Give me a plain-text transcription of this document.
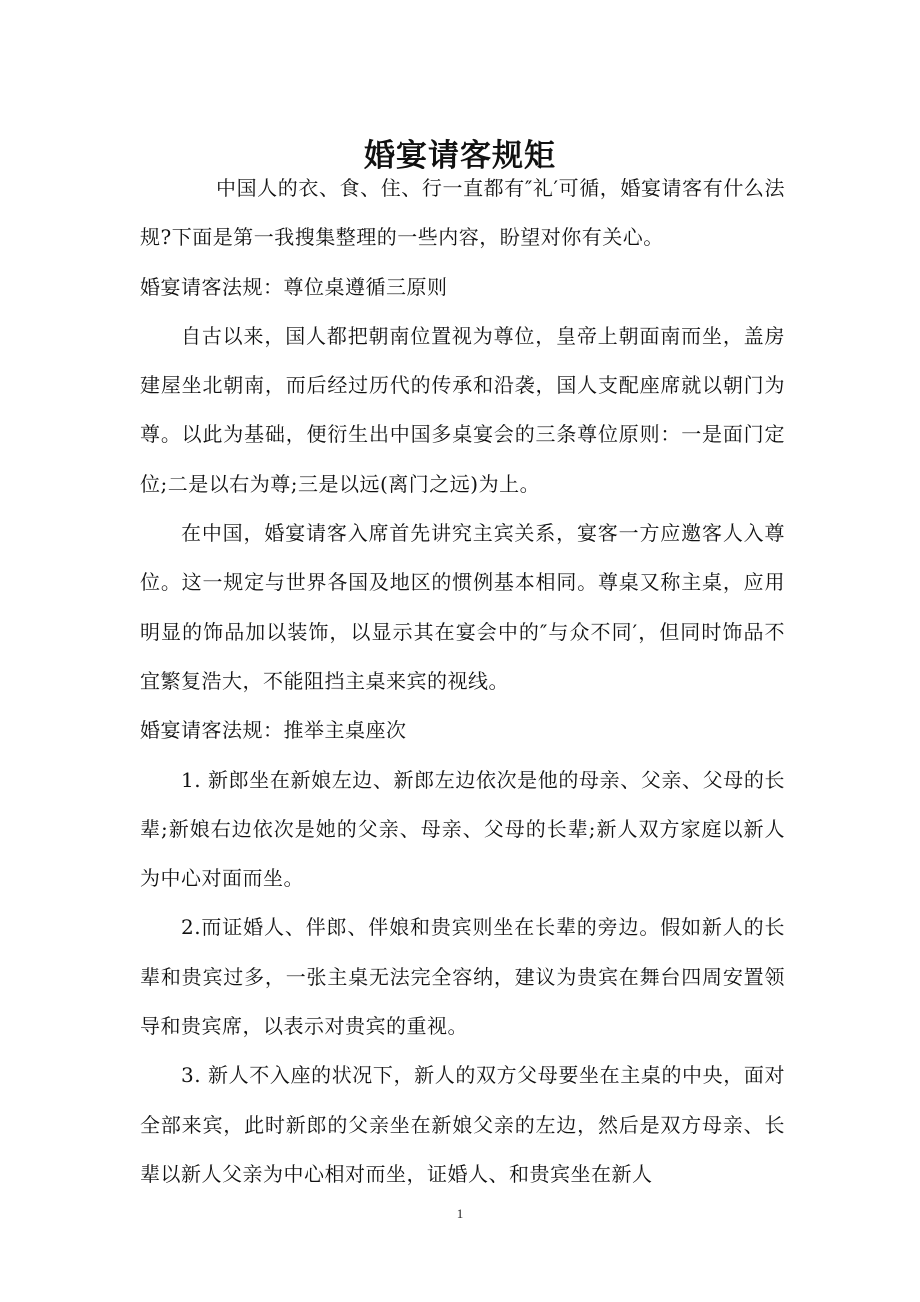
婚宴请客规矩

中国人的衣、食、住、行一直都有″礼′可循，婚宴请客有什么法规?下面是第一我搜集整理的一些内容，盼望对你有关心。

婚宴请客法规：尊位桌遵循三原则

自古以来，国人都把朝南位置视为尊位，皇帝上朝面南而坐，盖房建屋坐北朝南，而后经过历代的传承和沿袭，国人支配座席就以朝门为尊。以此为基础，便衍生出中国多桌宴会的三条尊位原则：一是面门定位;二是以右为尊;三是以远(离门之远)为上。

在中国，婚宴请客入席首先讲究主宾关系，宴客一方应邀客人入尊位。这一规定与世界各国及地区的惯例基本相同。尊桌又称主桌，应用明显的饰品加以装饰，以显示其在宴会中的″与众不同′，但同时饰品不宜繁复浩大，不能阻挡主桌来宾的视线。

婚宴请客法规：推举主桌座次

1. 新郎坐在新娘左边、新郎左边依次是他的母亲、父亲、父母的长辈;新娘右边依次是她的父亲、母亲、父母的长辈;新人双方家庭以新人为中心对面而坐。

2.而证婚人、伴郎、伴娘和贵宾则坐在长辈的旁边。假如新人的长辈和贵宾过多，一张主桌无法完全容纳，建议为贵宾在舞台四周安置领导和贵宾席，以表示对贵宾的重视。

3. 新人不入座的状况下，新人的双方父母要坐在主桌的中央，面对全部来宾，此时新郎的父亲坐在新娘父亲的左边，然后是双方母亲、长辈以新人父亲为中心相对而坐，证婚人、和贵宾坐在新人

1
